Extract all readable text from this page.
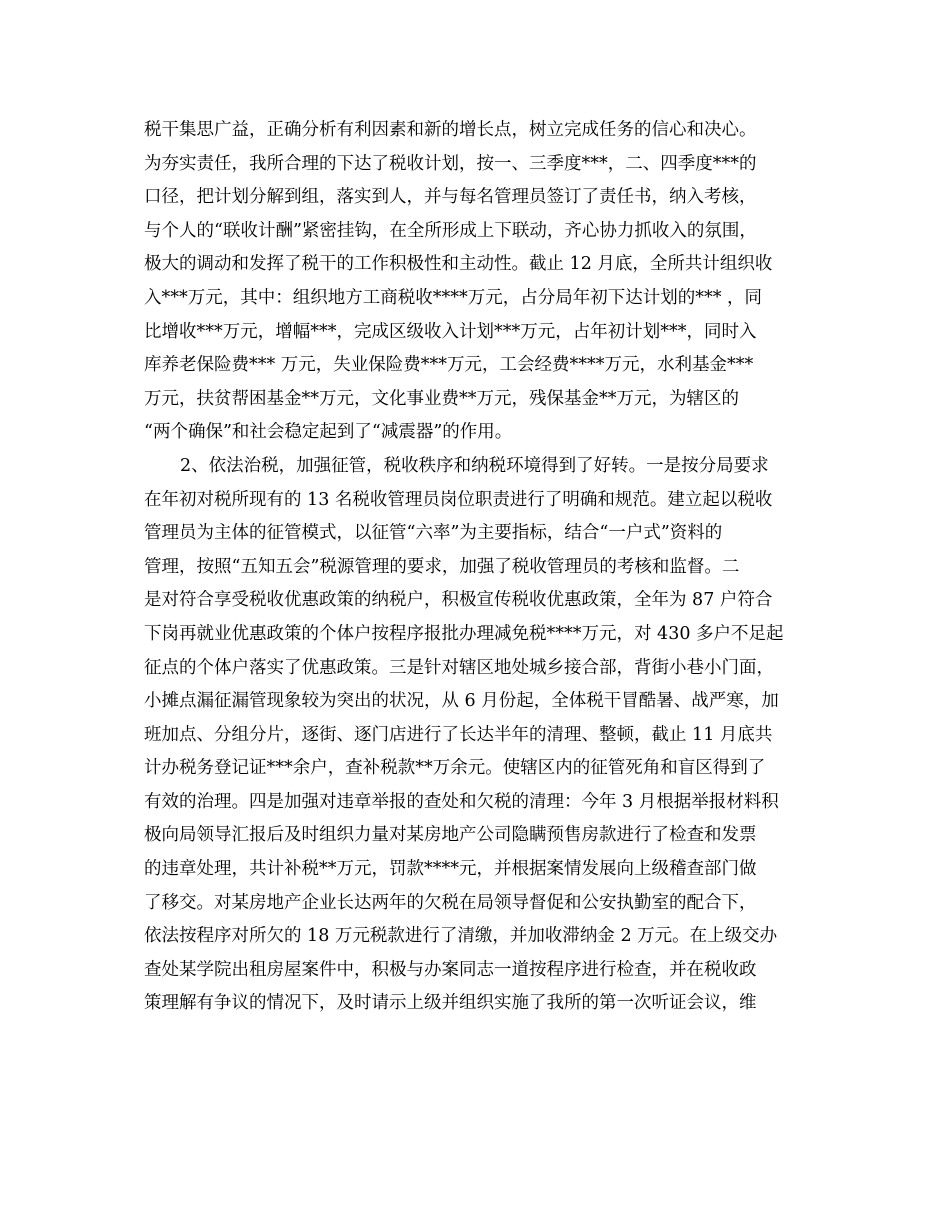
税干集思广益，正确分析有利因素和新的增长点，树立完成任务的信心和决心。
为夯实责任，我所合理的下达了税收计划，按一、三季度***，二、四季度***的
口径，把计划分解到组，落实到人，并与每名管理员签订了责任书，纳入考核，
与个人的“联收计酬”紧密挂钩，在全所形成上下联动，齐心协力抓收入的氛围，
极大的调动和发挥了税干的工作积极性和主动性。截止 12 月底，全所共计组织收
入***万元，其中：组织地方工商税收****万元，占分局年初下达计划的*** ，同
比增收***万元，增幅***，完成区级收入计划***万元，占年初计划***，同时入
库养老保险费*** 万元，失业保险费***万元，工会经费****万元，水利基金***
万元，扶贫帮困基金**万元，文化事业费**万元，残保基金**万元，为辖区的
“两个确保”和社会稳定起到了“减震器”的作用。
2、依法治税，加强征管，税收秩序和纳税环境得到了好转。一是按分局要求
在年初对税所现有的 13 名税收管理员岗位职责进行了明确和规范。建立起以税收
管理员为主体的征管模式，以征管“六率”为主要指标，结合“一户式”资料的
管理，按照“五知五会”税源管理的要求，加强了税收管理员的考核和监督。二
是对符合享受税收优惠政策的纳税户，积极宣传税收优惠政策，全年为 87 户符合
下岗再就业优惠政策的个体户按程序报批办理减免税****万元，对 430 多户不足起
征点的个体户落实了优惠政策。三是针对辖区地处城乡接合部，背街小巷小门面，
小摊点漏征漏管现象较为突出的状况，从 6 月份起，全体税干冒酷暑、战严寒，加
班加点、分组分片，逐街、逐门店进行了长达半年的清理、整顿，截止 11 月底共
计办税务登记证***余户，查补税款**万余元。使辖区内的征管死角和盲区得到了
有效的治理。四是加强对违章举报的查处和欠税的清理：今年 3 月根据举报材料积
极向局领导汇报后及时组织力量对某房地产公司隐瞒预售房款进行了检查和发票
的违章处理，共计补税**万元，罚款****元，并根据案情发展向上级稽查部门做
了移交。对某房地产企业长达两年的欠税在局领导督促和公安执勤室的配合下，
依法按程序对所欠的 18 万元税款进行了清缴，并加收滞纳金 2 万元。在上级交办
查处某学院出租房屋案件中，积极与办案同志一道按程序进行检查，并在税收政
策理解有争议的情况下，及时请示上级并组织实施了我所的第一次听证会议，维
